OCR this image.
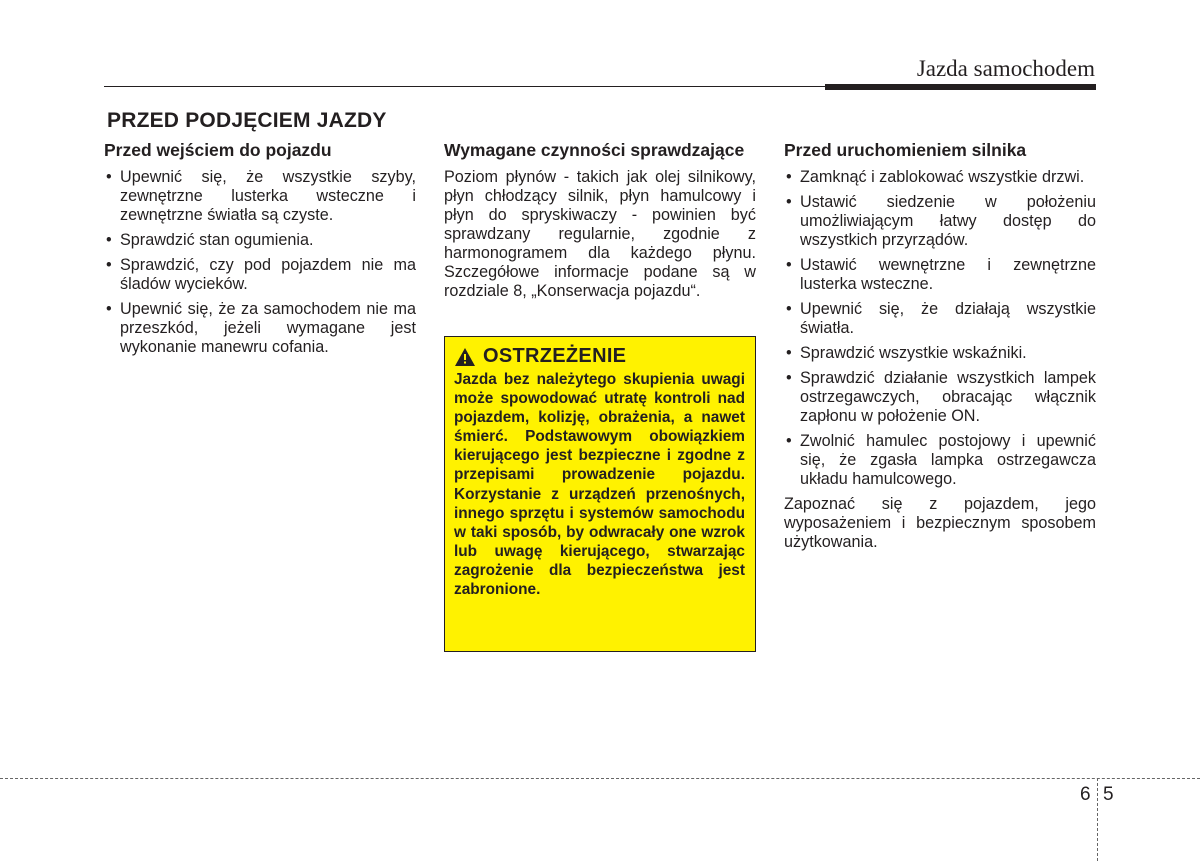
Jazda samochodem
PRZED PODJĘCIEM JAZDY
Przed wejściem do pojazdu
• Upewnić się, że wszystkie szyby, zewnętrzne lusterka wsteczne i zewnętrzne światła są czyste.
• Sprawdzić stan ogumienia.
• Sprawdzić, czy pod pojazdem nie ma śladów wycieków.
• Upewnić się, że za samochodem nie ma przeszkód, jeżeli wymagane jest wykonanie manewru cofania.
Wymagane czynności sprawdzające

Poziom płynów - takich jak olej silnikowy, płyn chłodzący silnik, płyn hamulcowy i płyn do spryskiwaczy - powinien być sprawdzany regularnie, zgodnie z harmonogramem dla każdego płynu. Szczegółowe informacje podane są w rozdziale 8, „Konserwacja pojazdu“.

OSTRZEŻENIE
Jazda bez należytego skupienia uwagi może spowodować utratę kontroli nad pojazdem, kolizję, obrażenia, a nawet śmierć. Podstawowym obowiązkiem kierującego jest bezpieczne i zgodne z przepisami prowadzenie pojazdu. Korzystanie z urządzeń przenośnych, innego sprzętu i systemów samochodu w taki sposób, by odwracały one wzrok lub uwagę kierującego, stwarzając zagrożenie dla bezpieczeństwa jest zabronione.
Przed uruchomieniem silnika
• Zamknąć i zablokować wszystkie drzwi.
• Ustawić siedzenie w położeniu umożliwiającym łatwy dostęp do wszystkich przyrządów.
• Ustawić wewnętrzne i zewnętrzne lusterka wsteczne.
• Upewnić się, że działają wszystkie światła.
• Sprawdzić wszystkie wskaźniki.
• Sprawdzić działanie wszystkich lampek ostrzegawczych, obracając włącznik zapłonu w położenie ON.
• Zwolnić hamulec postojowy i upewnić się, że zgasła lampka ostrzegawcza układu hamulcowego.

Zapoznać się z pojazdem, jego wyposażeniem i bezpiecznym sposobem użytkowania.

6 5
